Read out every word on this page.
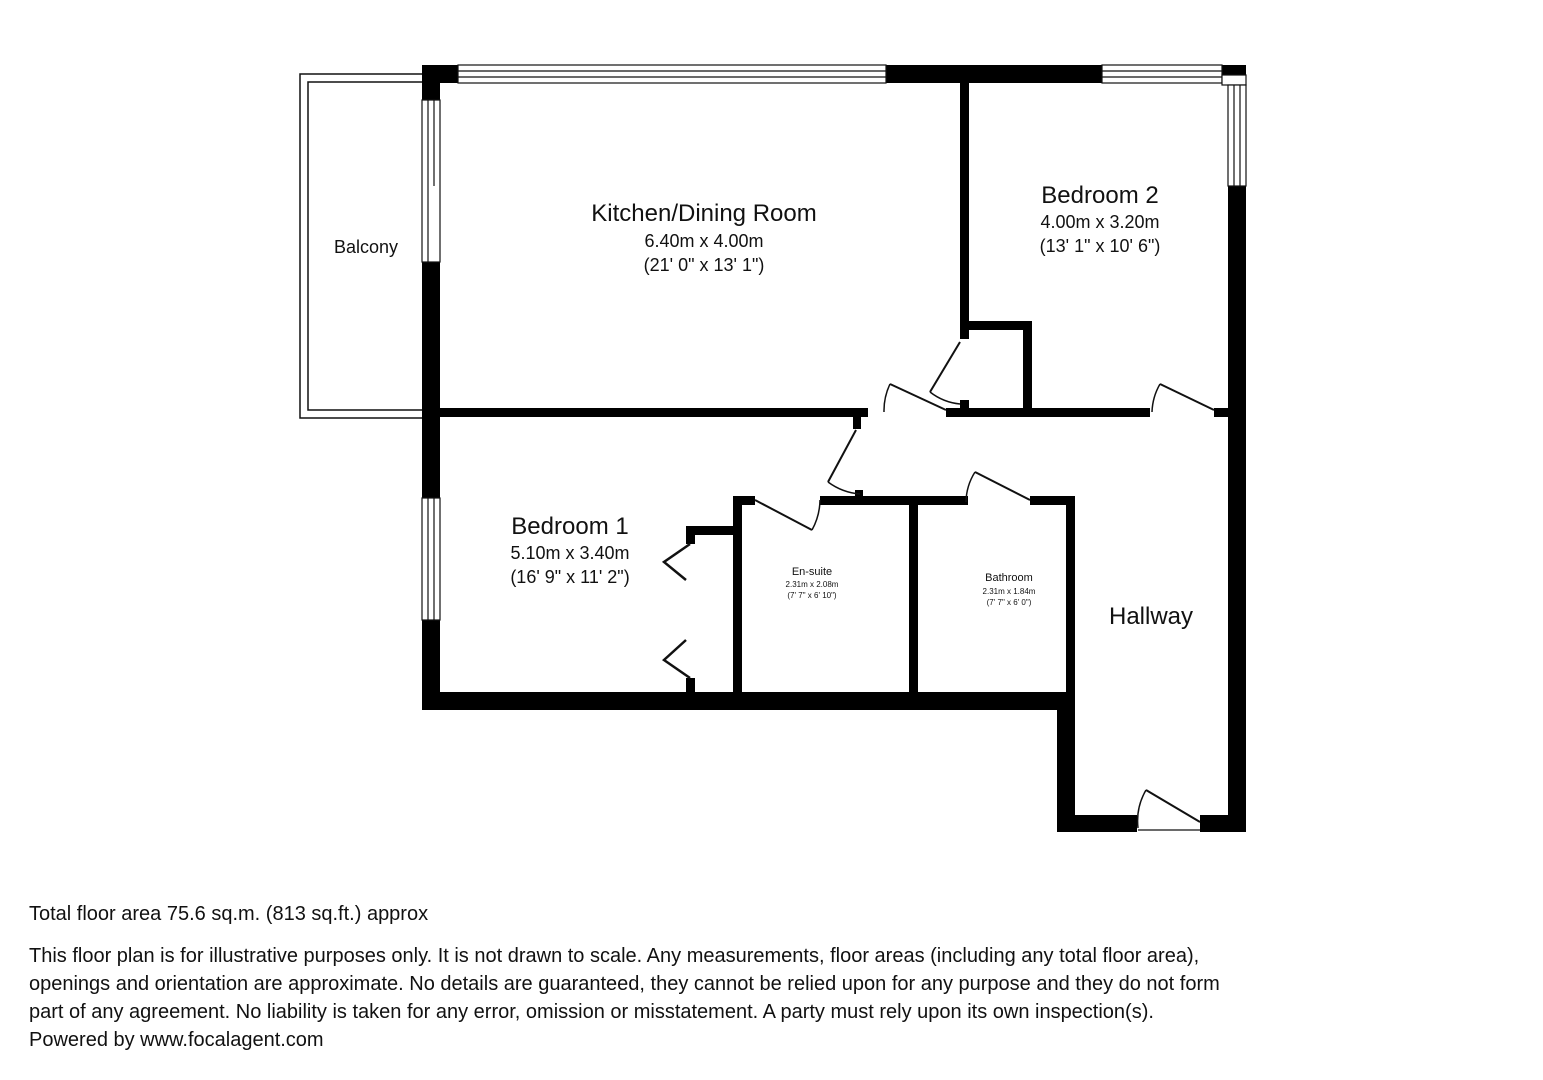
Kitchen/Dining Room
6.40m x 4.00m
(21' 0" x 13' 1")
Bedroom 2
4.00m x 3.20m
(13' 1" x 10' 6")
Balcony
Bedroom 1
5.10m x 3.40m
(16' 9" x 11' 2")	En-suite
2.31m x 2.08m
(7' 7" x 6' 10")
Bathroom
2.31m x 1.84m
(7' 7" x 6' 0")
Hallway
Total floor area 75.6 sq.m. (813 sq.ft.) approx

This floor plan is for illustrative purposes only. It is not drawn to scale. Any measurements, floor areas (including any total floor area),

openings and orientation are approximate. No details are guaranteed, they cannot be relied upon for any purpose and they do not form

part of any agreement. No liability is taken for any error, omission or misstatement. A party must rely upon its own inspection(s).

Powered by www.focalagent.com
